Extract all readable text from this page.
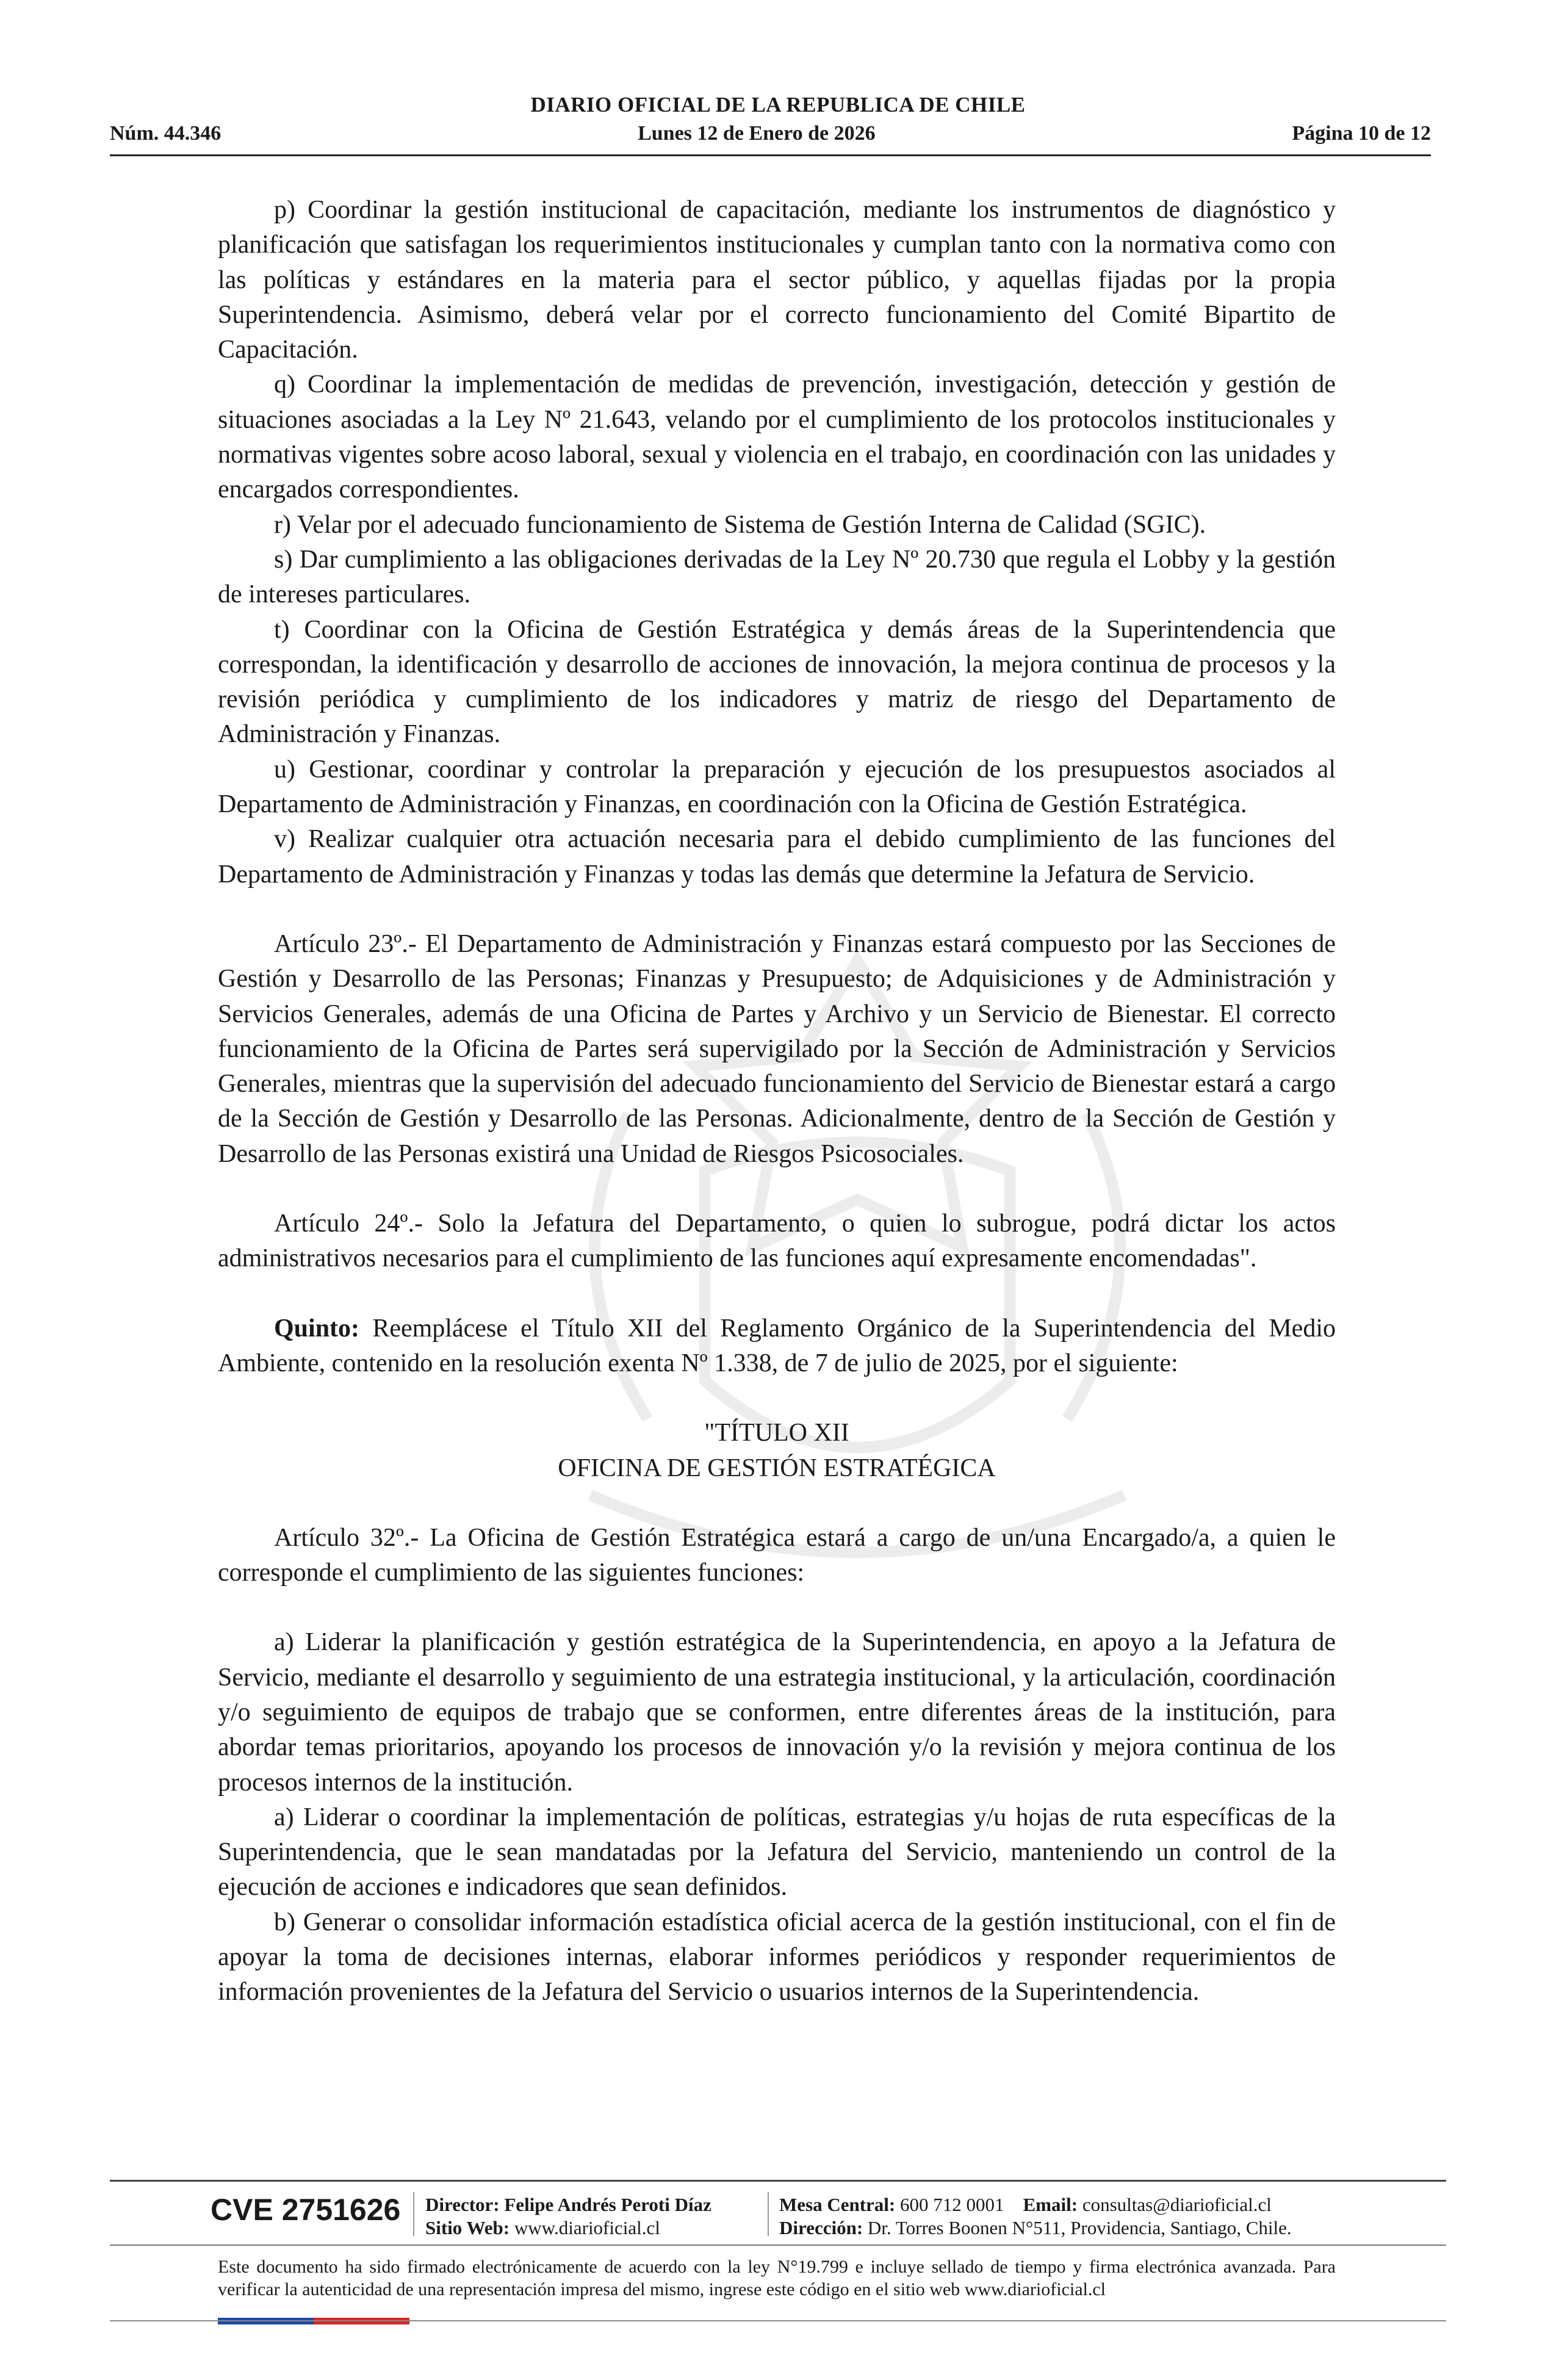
DIARIO OFICIAL DE LA REPUBLICA DE CHILE
Núm. 44.346	Lunes 12 de Enero de 2026	Página 10 de 12

p) Coordinar la gestión institucional de capacitación, mediante los instrumentos de diagnóstico y planificación que satisfagan los requerimientos institucionales y cumplan tanto con la normativa como con las políticas y estándares en la materia para el sector público, y aquellas fijadas por la propia Superintendencia. Asimismo, deberá velar por el correcto funcionamiento del Comité Bipartito de Capacitación.

q) Coordinar la implementación de medidas de prevención, investigación, detección y gestión de situaciones asociadas a la Ley Nº 21.643, velando por el cumplimiento de los protocolos institucionales y normativas vigentes sobre acoso laboral, sexual y violencia en el trabajo, en coordinación con las unidades y encargados correspondientes.

r) Velar por el adecuado funcionamiento de Sistema de Gestión Interna de Calidad (SGIC).

s) Dar cumplimiento a las obligaciones derivadas de la Ley Nº 20.730 que regula el Lobby y la gestión de intereses particulares.

t) Coordinar con la Oficina de Gestión Estratégica y demás áreas de la Superintendencia que correspondan, la identificación y desarrollo de acciones de innovación, la mejora continua de procesos y la revisión periódica y cumplimiento de los indicadores y matriz de riesgo del Departamento de Administración y Finanzas.

u) Gestionar, coordinar y controlar la preparación y ejecución de los presupuestos asociados al Departamento de Administración y Finanzas, en coordinación con la Oficina de Gestión Estratégica.

v) Realizar cualquier otra actuación necesaria para el debido cumplimiento de las funciones del Departamento de Administración y Finanzas y todas las demás que determine la Jefatura de Servicio.

Artículo 23º.- El Departamento de Administración y Finanzas estará compuesto por las Secciones de Gestión y Desarrollo de las Personas; Finanzas y Presupuesto; de Adquisiciones y de Administración y Servicios Generales, además de una Oficina de Partes y Archivo y un Servicio de Bienestar. El correcto funcionamiento de la Oficina de Partes será supervigilado por la Sección de Administración y Servicios Generales, mientras que la supervisión del adecuado funcionamiento del Servicio de Bienestar estará a cargo de la Sección de Gestión y Desarrollo de las Personas. Adicionalmente, dentro de la Sección de Gestión y Desarrollo de las Personas existirá una Unidad de Riesgos Psicosociales.

Artículo 24º.- Solo la Jefatura del Departamento, o quien lo subrogue, podrá dictar los actos administrativos necesarios para el cumplimiento de las funciones aquí expresamente encomendadas".

Quinto: Reemplácese el Título XII del Reglamento Orgánico de la Superintendencia del Medio Ambiente, contenido en la resolución exenta Nº 1.338, de 7 de julio de 2025, por el siguiente:

"TÍTULO XII

OFICINA DE GESTIÓN ESTRATÉGICA

Artículo 32º.- La Oficina de Gestión Estratégica estará a cargo de un/una Encargado/a, a quien le corresponde el cumplimiento de las siguientes funciones:

a) Liderar la planificación y gestión estratégica de la Superintendencia, en apoyo a la Jefatura de Servicio, mediante el desarrollo y seguimiento de una estrategia institucional, y la articulación, coordinación y/o seguimiento de equipos de trabajo que se conformen, entre diferentes áreas de la institución, para abordar temas prioritarios, apoyando los procesos de innovación y/o la revisión y mejora continua de los procesos internos de la institución.

a) Liderar o coordinar la implementación de políticas, estrategias y/u hojas de ruta específicas de la Superintendencia, que le sean mandatadas por la Jefatura del Servicio, manteniendo un control de la ejecución de acciones e indicadores que sean definidos.

b) Generar o consolidar información estadística oficial acerca de la gestión institucional, con el fin de apoyar la toma de decisiones internas, elaborar informes periódicos y responder requerimientos de información provenientes de la Jefatura del Servicio o usuarios internos de la Superintendencia.

CVE 2751626 Director: Felipe Andrés Peroti Díaz
Sitio Web: www.diarioficial.cl
Mesa Central: 600 712 0001 Email: consultas@diarioficial.cl
Dirección: Dr. Torres Boonen N°511, Providencia, Santiago, Chile.
Este documento ha sido firmado electrónicamente de acuerdo con la ley N°19.799 e incluye sellado de tiempo y firma electrónica avanzada. Para verificar la autenticidad de una representación impresa del mismo, ingrese este código en el sitio web www.diarioficial.cl
